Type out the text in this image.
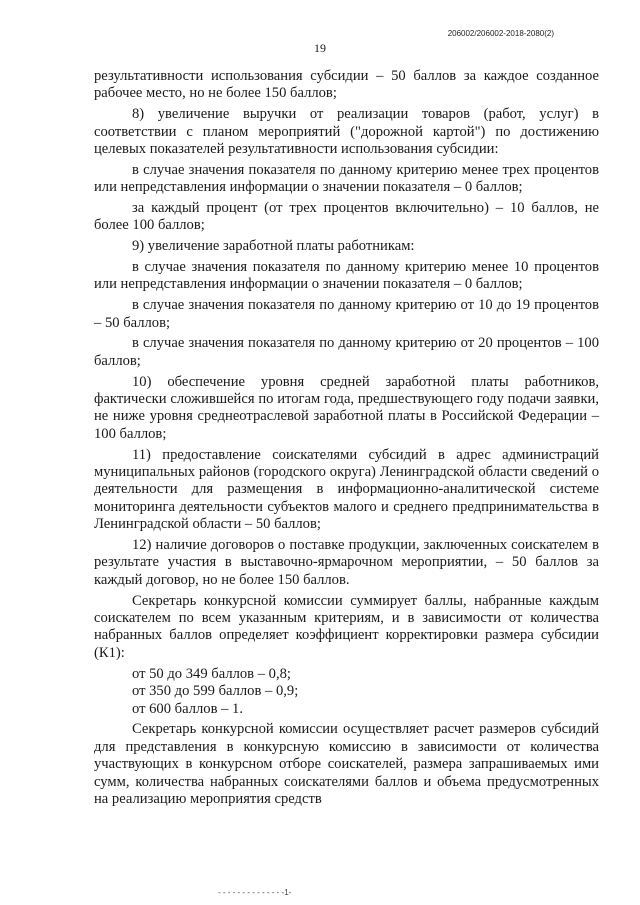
206002/206002-2018-2080(2)
19

результативности использования субсидии – 50 баллов за каждое созданное рабочее место, но не более 150 баллов;

8) увеличение выручки от реализации товаров (работ, услуг) в соответствии с планом мероприятий ("дорожной картой") по достижению целевых показателей результативности использования субсидии:

в случае значения показателя по данному критерию менее трех процентов или непредставления информации о значении показателя – 0 баллов;

за каждый процент (от трех процентов включительно) – 10 баллов, не более 100 баллов;

9) увеличение заработной платы работникам:

в случае значения показателя по данному критерию менее 10 процентов или непредставления информации о значении показателя – 0 баллов;

в случае значения показателя по данному критерию от 10 до 19 процентов – 50 баллов;

в случае значения показателя по данному критерию от 20 процентов – 100 баллов;

10) обеспечение уровня средней заработной платы работников, фактически сложившейся по итогам года, предшествующего году подачи заявки, не ниже уровня среднеотраслевой заработной платы в Российской Федерации – 100 баллов;

11) предоставление соискателями субсидий в адрес администраций муниципальных районов (городского округа) Ленинградской области сведений о деятельности для размещения в информационно-аналитической системе мониторинга деятельности субъектов малого и среднего предпринимательства в Ленинградской области – 50 баллов;

12) наличие договоров о поставке продукции, заключенных соискателем в результате участия в выставочно-ярмарочном мероприятии, – 50 баллов за каждый договор, но не более 150 баллов.

Секретарь конкурсной комиссии суммирует баллы, набранные каждым соискателем по всем указанным критериям, и в зависимости от количества набранных баллов определяет коэффициент корректировки размера субсидии (К1):

от 50 до 349 баллов – 0,8;

от 350 до 599 баллов – 0,9;

от 600 баллов – 1.

Секретарь конкурсной комиссии осуществляет расчет размеров субсидий для представления в конкурсную комиссию в зависимости от количества участвующих в конкурсном отборе соискателей, размера запрашиваемых ими сумм, количества набранных соискателями баллов и объема предусмотренных на реализацию мероприятия средств

- - - - - - - - - - - - - -1-
